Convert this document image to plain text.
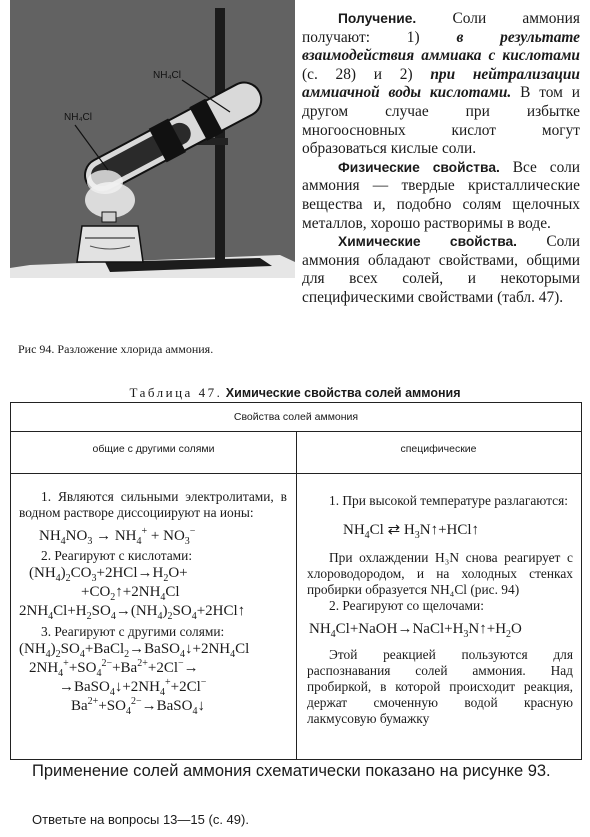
NH₄Cl
NH₄Cl
Рис 94. Разложение хлорида аммония.

Получение. Соли аммония получают: 1) в результате взаимодействия аммиака с кислотами (с. 28) и 2) при нейтрализации аммиачной воды кислотами. В том и другом случае при избытке многоосновных кислот могут образоваться кислые соли.

Физические свойства. Все соли аммония — твердые кристаллические вещества и, подобно солям щелочных металлов, хорошо растворимы в воде.

Химические свойства. Соли аммония обладают свойствами, общими для всех солей, и некоторыми специфическими свойствами (табл. 47).

Таблица 47. Химические свойства солей аммония
Свойства солей аммония
общие с другими солями	специфические

1. Являются сильными электролитами, в водном растворе диссоциируют на ионы:

$NH_4NO_3 \to NH_4^+ + NO_3^-$

2. Реагируют с кислотами:

$(NH_4)_2CO_3+2HCl\to H_2O+$

$+CO_2↑+2NH_4Cl$

$2NH_4Cl+H_2SO_4\to(NH_4)_2SO_4+2HCl↑$

3. Реагируют с другими солями:

$(NH_4)_2SO_4+BaCl_2\to BaSO_4↓+2NH_4Cl$

$2NH_4^++SO_4^{2-}+Ba^{2+}+2Cl^-\to$

$\to BaSO_4↓+2NH_4^++2Cl^-$

$Ba^{2+}+SO_4^{2-}\to BaSO_4↓$

1. При высокой температуре разлагаются:

$NH_4Cl$ ⇄ $H_3N↑+HCl↑$

При охлаждении H₃N снова реагирует с хлороводородом, и на холодных стенках пробирки образуется NH₄Cl (рис. 94)

2. Реагируют со щелочами:

$NH_4Cl+NaOH\to NaCl+H_3N↑+H_2O$

Этой реакцией пользуются для распознавания солей аммония. Над пробиркой, в которой происходит реакция, держат смоченную водой красную лакмусовую бумажку

Применение солей аммония схематически показано на рисунке 93.
Ответьте на вопросы 13—15 (с. 49).
